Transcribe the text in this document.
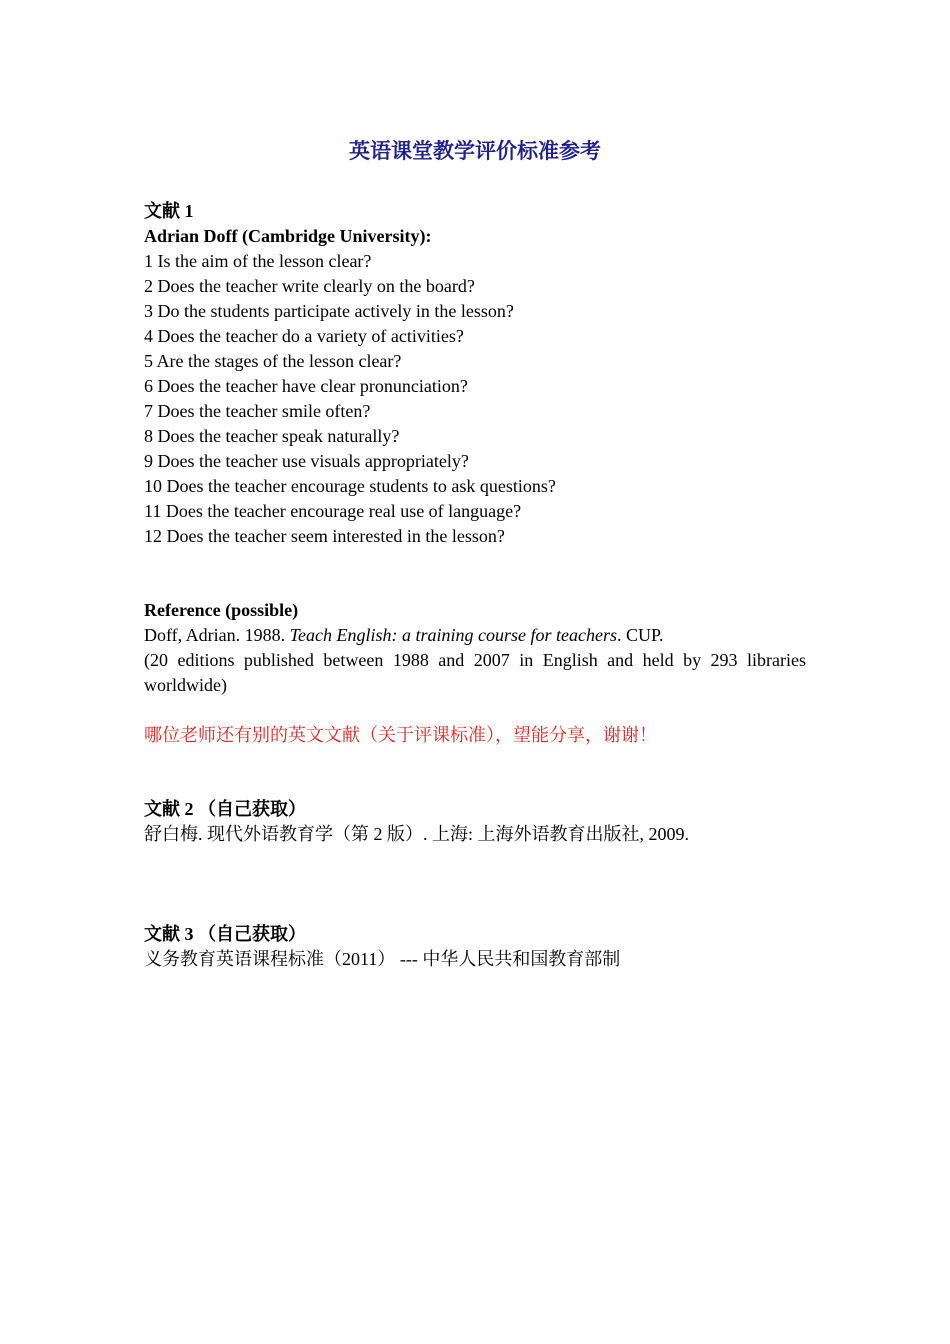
英语课堂教学评价标准参考
文献 1
Adrian Doff (Cambridge University):
1 Is the aim of the lesson clear?
2 Does the teacher write clearly on the board?
3 Do the students participate actively in the lesson?
4 Does the teacher do a variety of activities?
5 Are the stages of the lesson clear?
6 Does the teacher have clear pronunciation?
7 Does the teacher smile often?
8 Does the teacher speak naturally?
9 Does the teacher use visuals appropriately?
10 Does the teacher encourage students to ask questions?
11 Does the teacher encourage real use of language?
12 Does the teacher seem interested in the lesson?
Reference (possible)
Doff, Adrian. 1988. Teach English: a training course for teachers. CUP.
(20 editions published between 1988 and 2007 in English and held by 293 libraries worldwide)
哪位老师还有别的英文文献（关于评课标准），望能分享，谢谢！
文献 2 （自己获取）
舒白梅. 现代外语教育学（第 2 版）. 上海: 上海外语教育出版社, 2009.
文献 3 （自己获取）
义务教育英语课程标准（2011） --- 中华人民共和国教育部制
